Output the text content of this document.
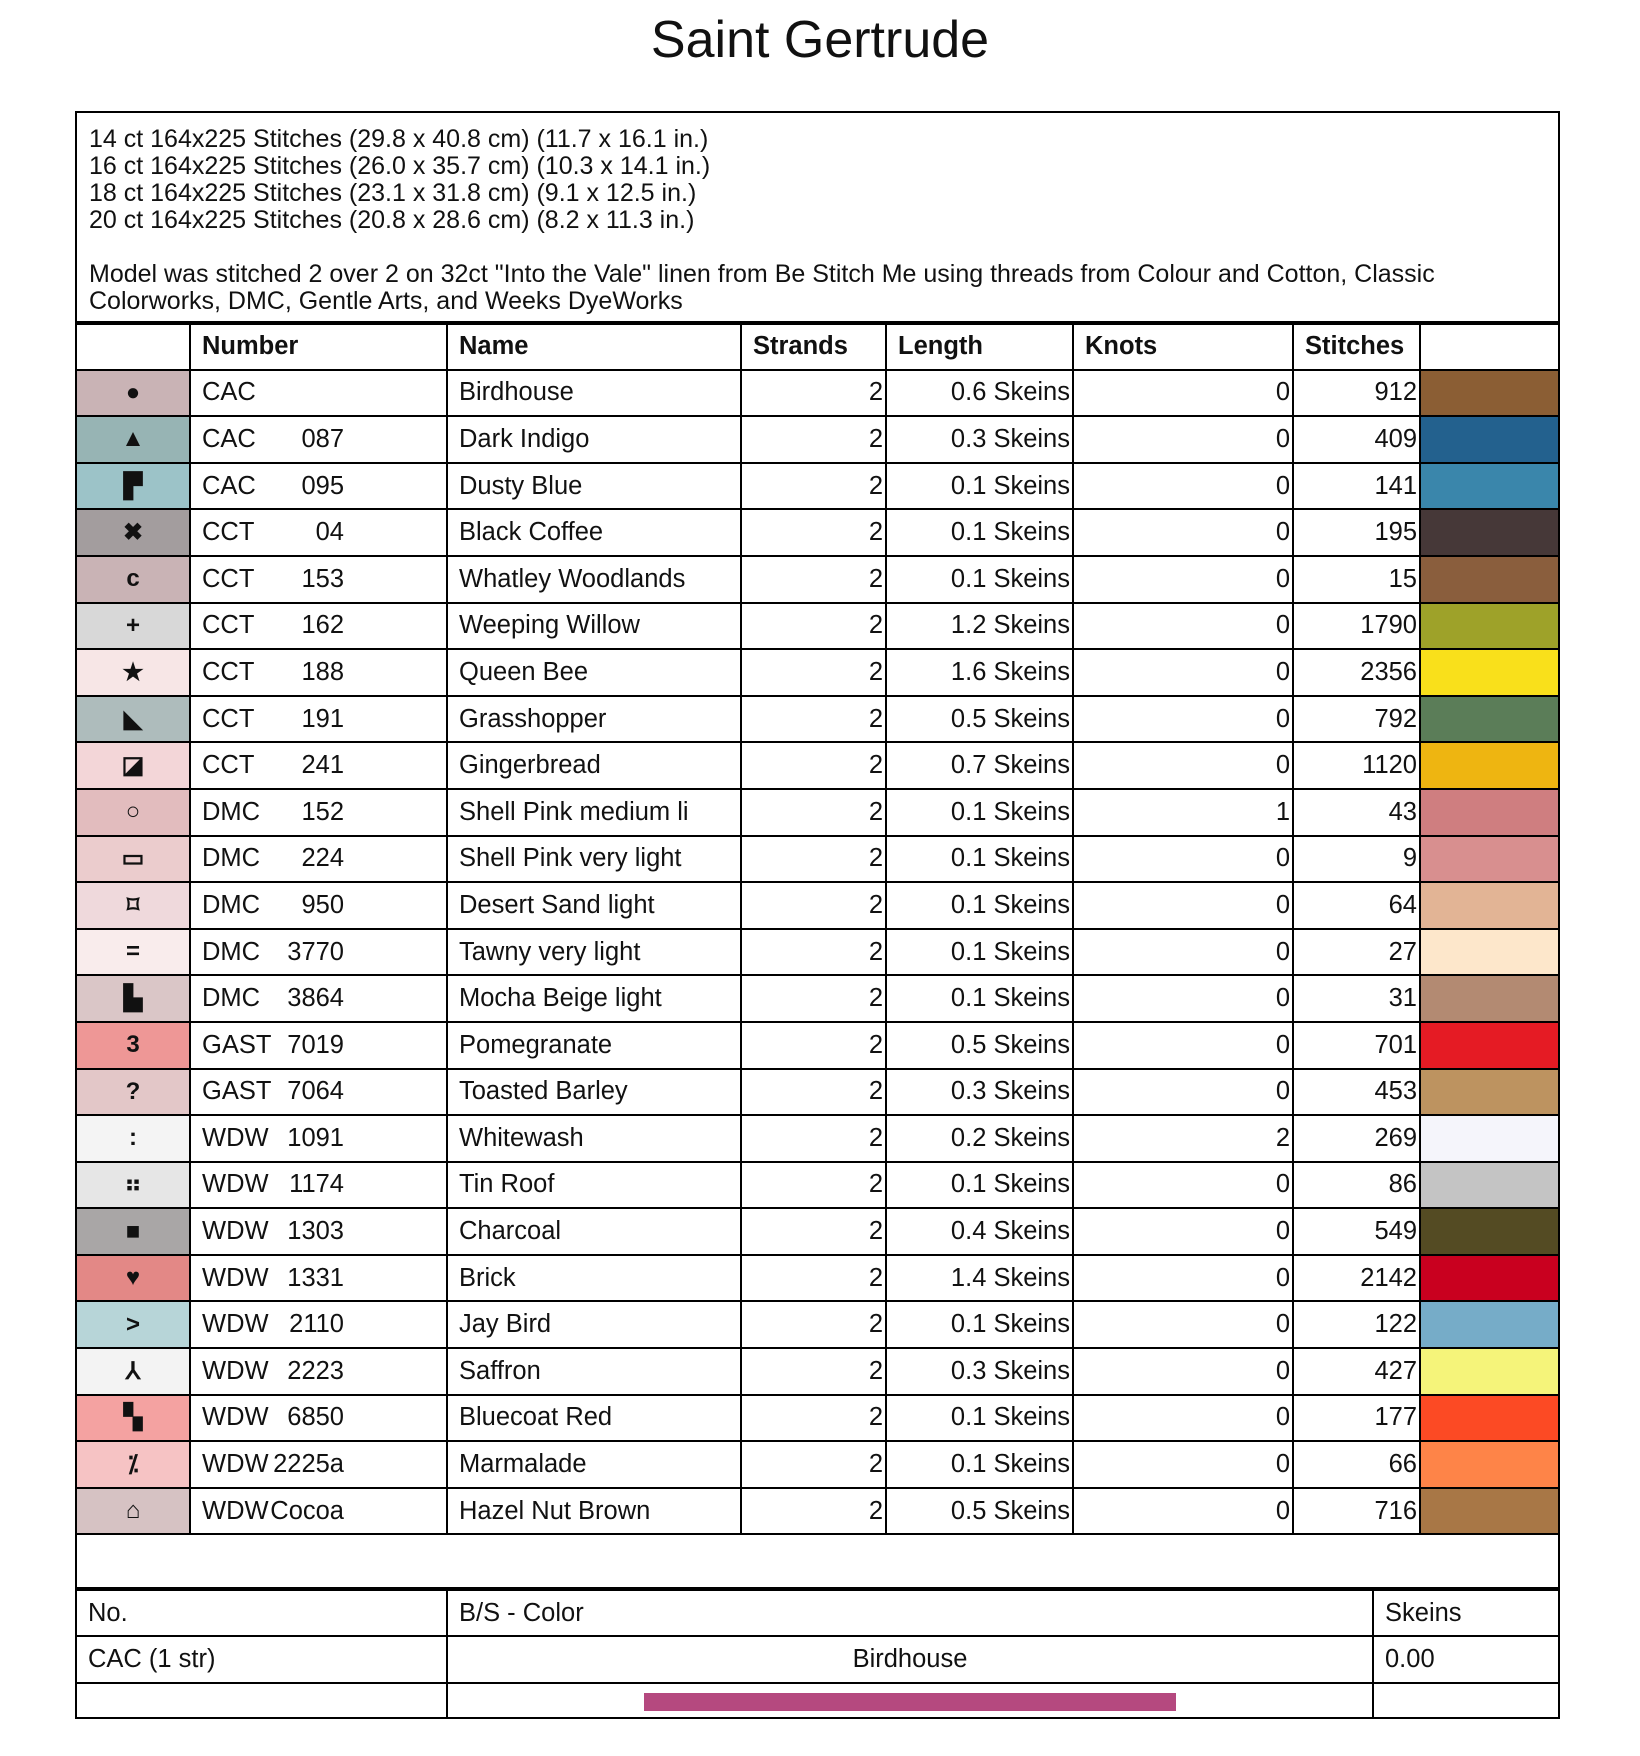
Saint Gertrude
14 ct 164x225 Stitches (29.8 x 40.8 cm) (11.7 x 16.1 in.)
16 ct 164x225 Stitches (26.0 x 35.7 cm) (10.3 x 14.1 in.)
18 ct 164x225 Stitches (23.1 x 31.8 cm) (9.1 x 12.5 in.)
20 ct 164x225 Stitches (20.8 x 28.6 cm) (8.2 x 11.3 in.)
Model was stitched 2 over 2 on 32ct "Into the Vale" linen from Be Stitch Me using threads from Colour and Cotton, Classic Colorworks, DMC, Gentle Arts, and Weeks DyeWorks
	Number	Name	Strands	Length	Knots	Stitches	
●	CAC	Birdhouse	2	0.6 Skeins	0	912	
▲	CAC 087	Dark Indigo	2	0.3 Skeins	0	409	
▛	CAC 095	Dusty Blue	2	0.1 Skeins	0	141	
✖	CCT 04	Black Coffee	2	0.1 Skeins	0	195	
c	CCT 153	Whatley Woodlands	2	0.1 Skeins	0	15	
+	CCT 162	Weeping Willow	2	1.2 Skeins	0	1790	
★	CCT 188	Queen Bee	2	1.6 Skeins	0	2356	
◣	CCT 191	Grasshopper	2	0.5 Skeins	0	792	
◪	CCT 241	Gingerbread	2	0.7 Skeins	0	1120	
○	DMC 152	Shell Pink medium li	2	0.1 Skeins	1	43	
▭	DMC 224	Shell Pink very light	2	0.1 Skeins	0	9	
⌑	DMC 950	Desert Sand light	2	0.1 Skeins	0	64	
=	DMC 3770	Tawny very light	2	0.1 Skeins	0	27	
▙	DMC 3864	Mocha Beige light	2	0.1 Skeins	0	31	
3	GAST 7019	Pomegranate	2	0.5 Skeins	0	701	
?	GAST 7064	Toasted Barley	2	0.3 Skeins	0	453	
:	WDW 1091	Whitewash	2	0.2 Skeins	2	269	
⠶	WDW 1174	Tin Roof	2	0.1 Skeins	0	86	
■	WDW 1303	Charcoal	2	0.4 Skeins	0	549	
♥	WDW 1331	Brick	2	1.4 Skeins	0	2142	
>	WDW 2110	Jay Bird	2	0.1 Skeins	0	122	
⅄	WDW 2223	Saffron	2	0.3 Skeins	0	427	
▚	WDW 6850	Bluecoat Red	2	0.1 Skeins	0	177	
⁒	WDW 2225a	Marmalade	2	0.1 Skeins	0	66	
⌂	WDWCocoa	Hazel Nut Brown	2	0.5 Skeins	0	716	
No.	B/S - Color	Skeins
CAC (1 str)	Birdhouse	0.00
